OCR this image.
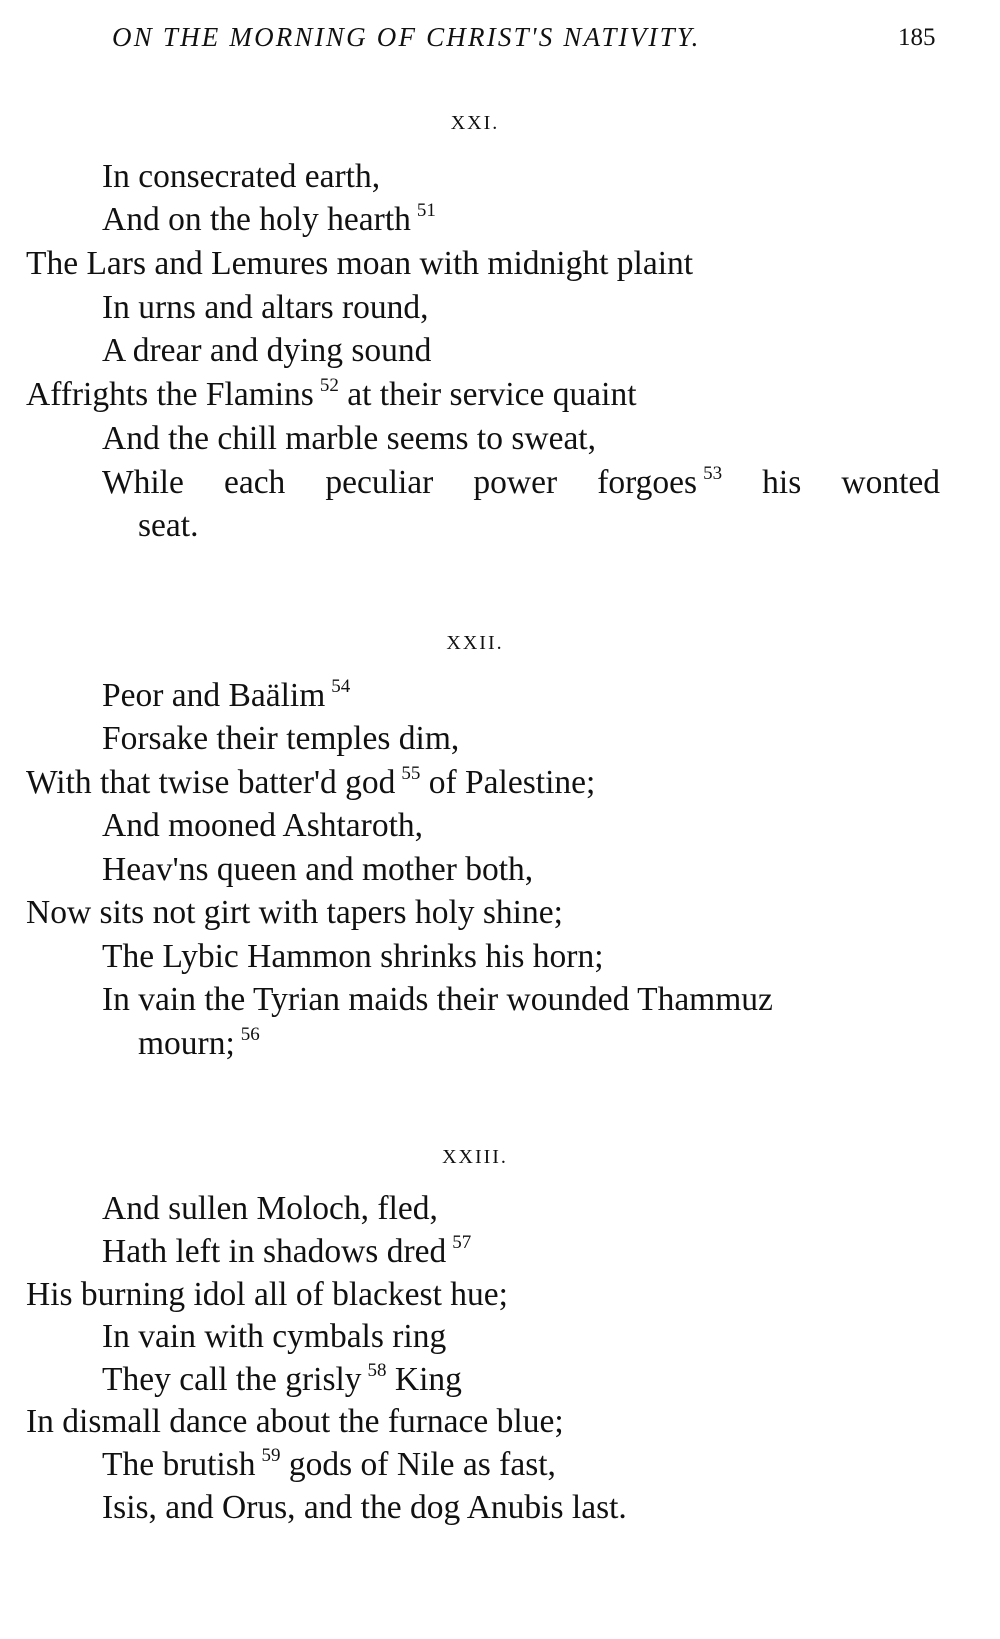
ON THE MORNING OF CHRIST'S NATIVITY.	185
XXI.
In consecrated earth,
And on the holy hearth $^{51}$
The Lars and Lemures moan with midnight plaint
In urns and altars round,
A drear and dying sound
Affrights the Flamins $^{52}$ at their service quaint
And the chill marble seems to sweat,
While each peculiar power forgoes $^{53}$ his wonted
seat.
XXII.
Peor and Baälim $^{54}$
Forsake their temples dim,
With that twise batter'd god $^{55}$ of Palestine;
And mooned Ashtaroth,
Heav'ns queen and mother both,
Now sits not girt with tapers holy shine;
The Lybic Hammon shrinks his horn;
In vain the Tyrian maids their wounded Thammuz
mourn; $^{56}$
XXIII.
And sullen Moloch, fled,
Hath left in shadows dred $^{57}$
His burning idol all of blackest hue;
In vain with cymbals ring
They call the grisly $^{58}$ King
In dismall dance about the furnace blue;
The brutish $^{59}$ gods of Nile as fast,
Isis, and Orus, and the dog Anubis last.
